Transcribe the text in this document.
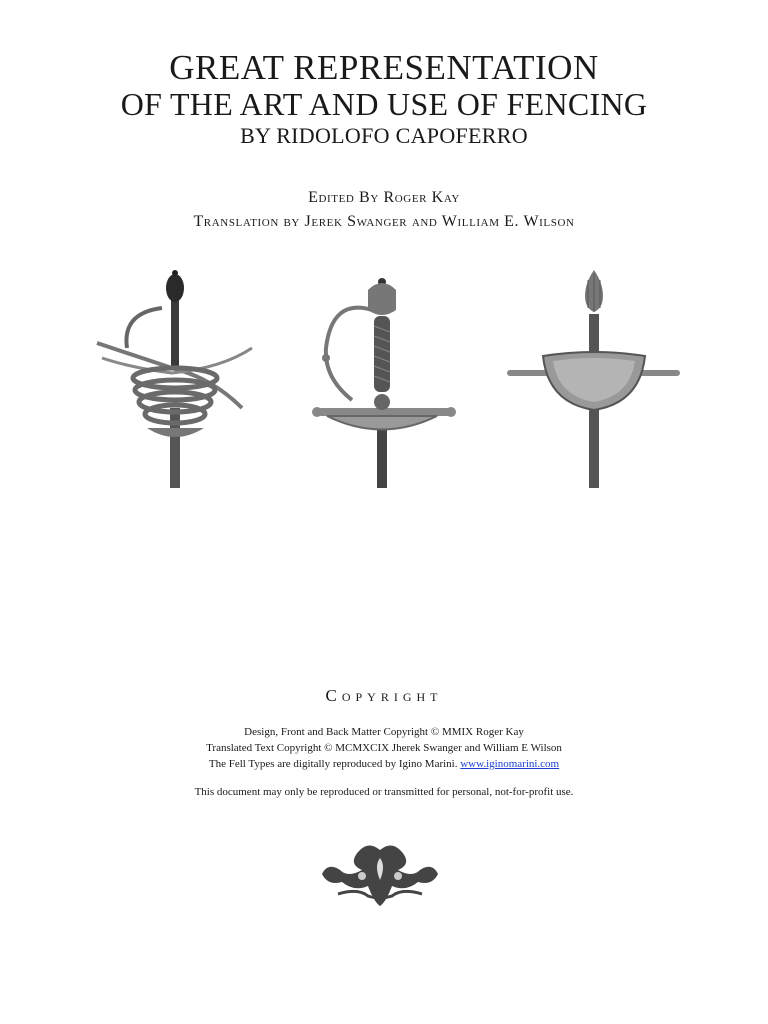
GREAT REPRESENTATION
OF THE ART AND USE OF FENCING
BY RIDOLOFO CAPOFERRO
Edited By Roger Kay
Translation by Jerek Swanger and William E. Wilson
Copyright
Design, Front and Back Matter Copyright © MMIX Roger Kay
Translated Text Copyright © MCMXCIX Jherek Swanger and William E Wilson
The Fell Types are digitally reproduced by Igino Marini. www.iginomarini.com
This document may only be reproduced or transmitted for personal, not-for-profit use.
